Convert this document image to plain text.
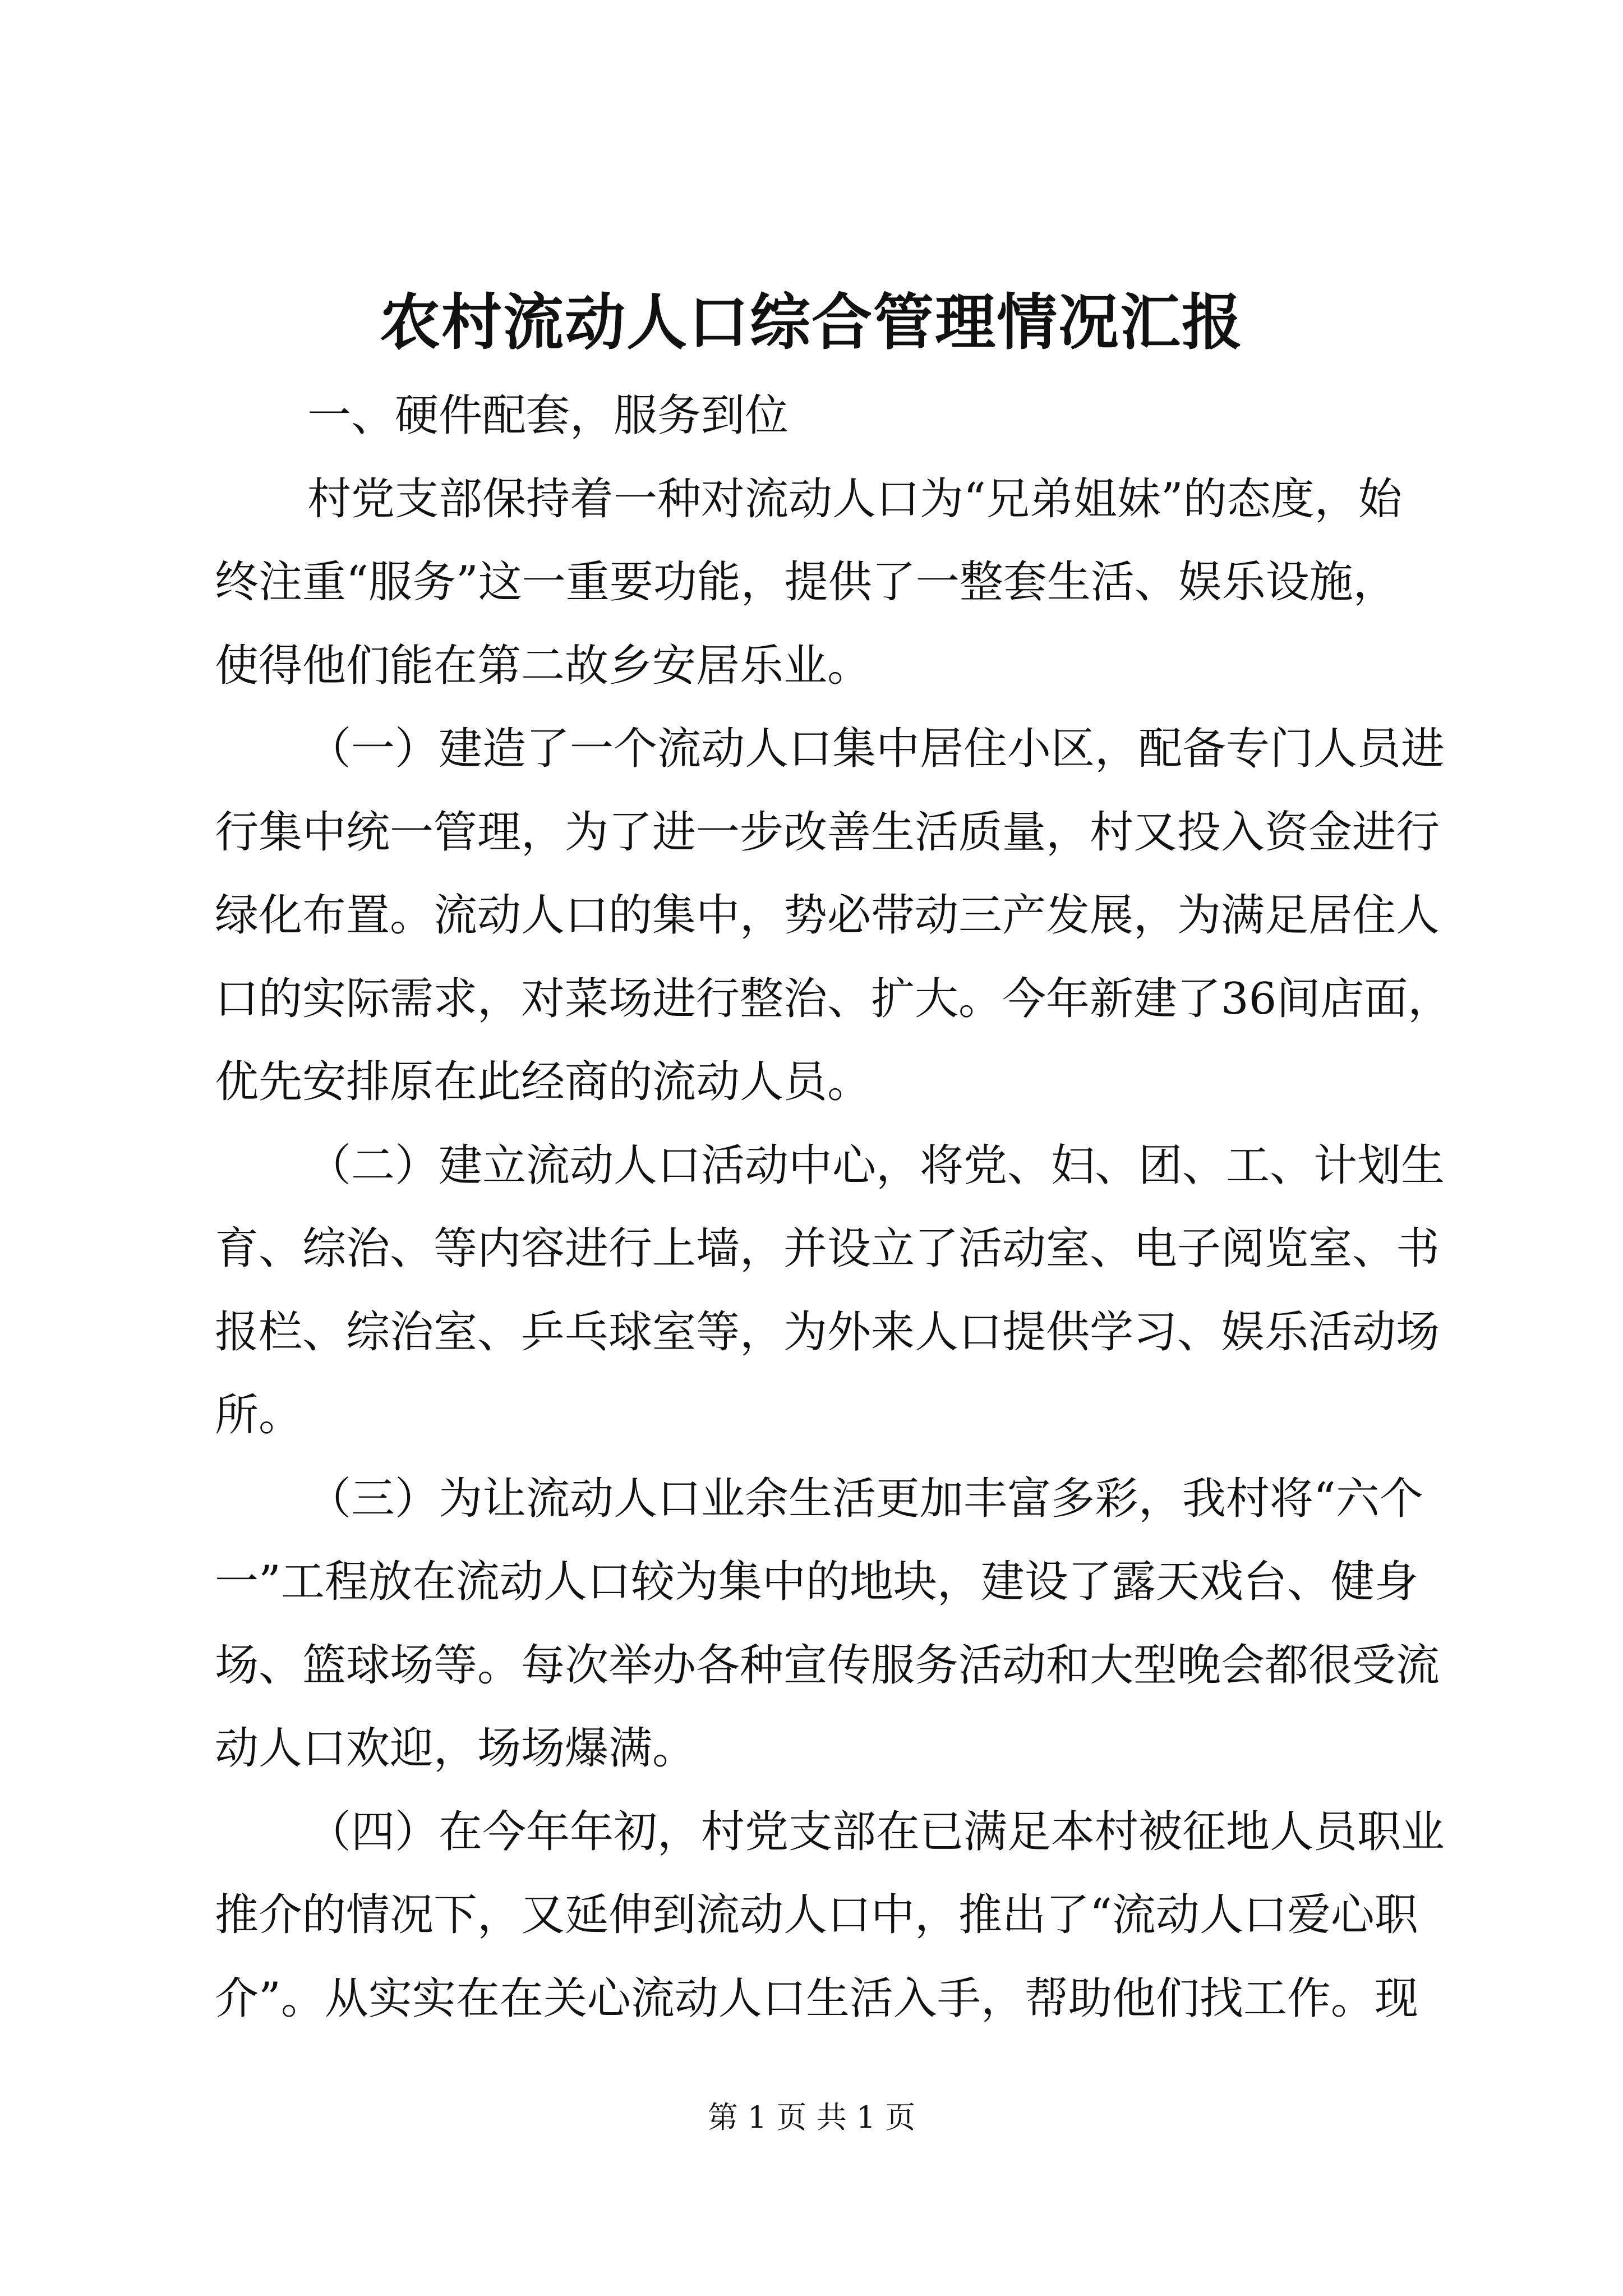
农村流动人口综合管理情况汇报
一、硬件配套，服务到位
村党支部保持着一种对流动人口为“兄弟姐妹”的态度，始
终注重“服务”这一重要功能，提供了一整套生活、娱乐设施，
使得他们能在第二故乡安居乐业。
（一）建造了一个流动人口集中居住小区，配备专门人员进
行集中统一管理，为了进一步改善生活质量，村又投入资金进行
绿化布置。流动人口的集中，势必带动三产发展，为满足居住人
口的实际需求，对菜场进行整治、扩大。今年新建了36间店面，
优先安排原在此经商的流动人员。
（二）建立流动人口活动中心，将党、妇、团、工、计划生
育、综治、等内容进行上墙，并设立了活动室、电子阅览室、书
报栏、综治室、乒乓球室等，为外来人口提供学习、娱乐活动场
所。
（三）为让流动人口业余生活更加丰富多彩，我村将“六个
一”工程放在流动人口较为集中的地块，建设了露天戏台、健身
场、篮球场等。每次举办各种宣传服务活动和大型晚会都很受流
动人口欢迎，场场爆满。
（四）在今年年初，村党支部在已满足本村被征地人员职业
推介的情况下，又延伸到流动人口中，推出了“流动人口爱心职
介”。从实实在在关心流动人口生活入手，帮助他们找工作。现
第 1 页 共 1 页
